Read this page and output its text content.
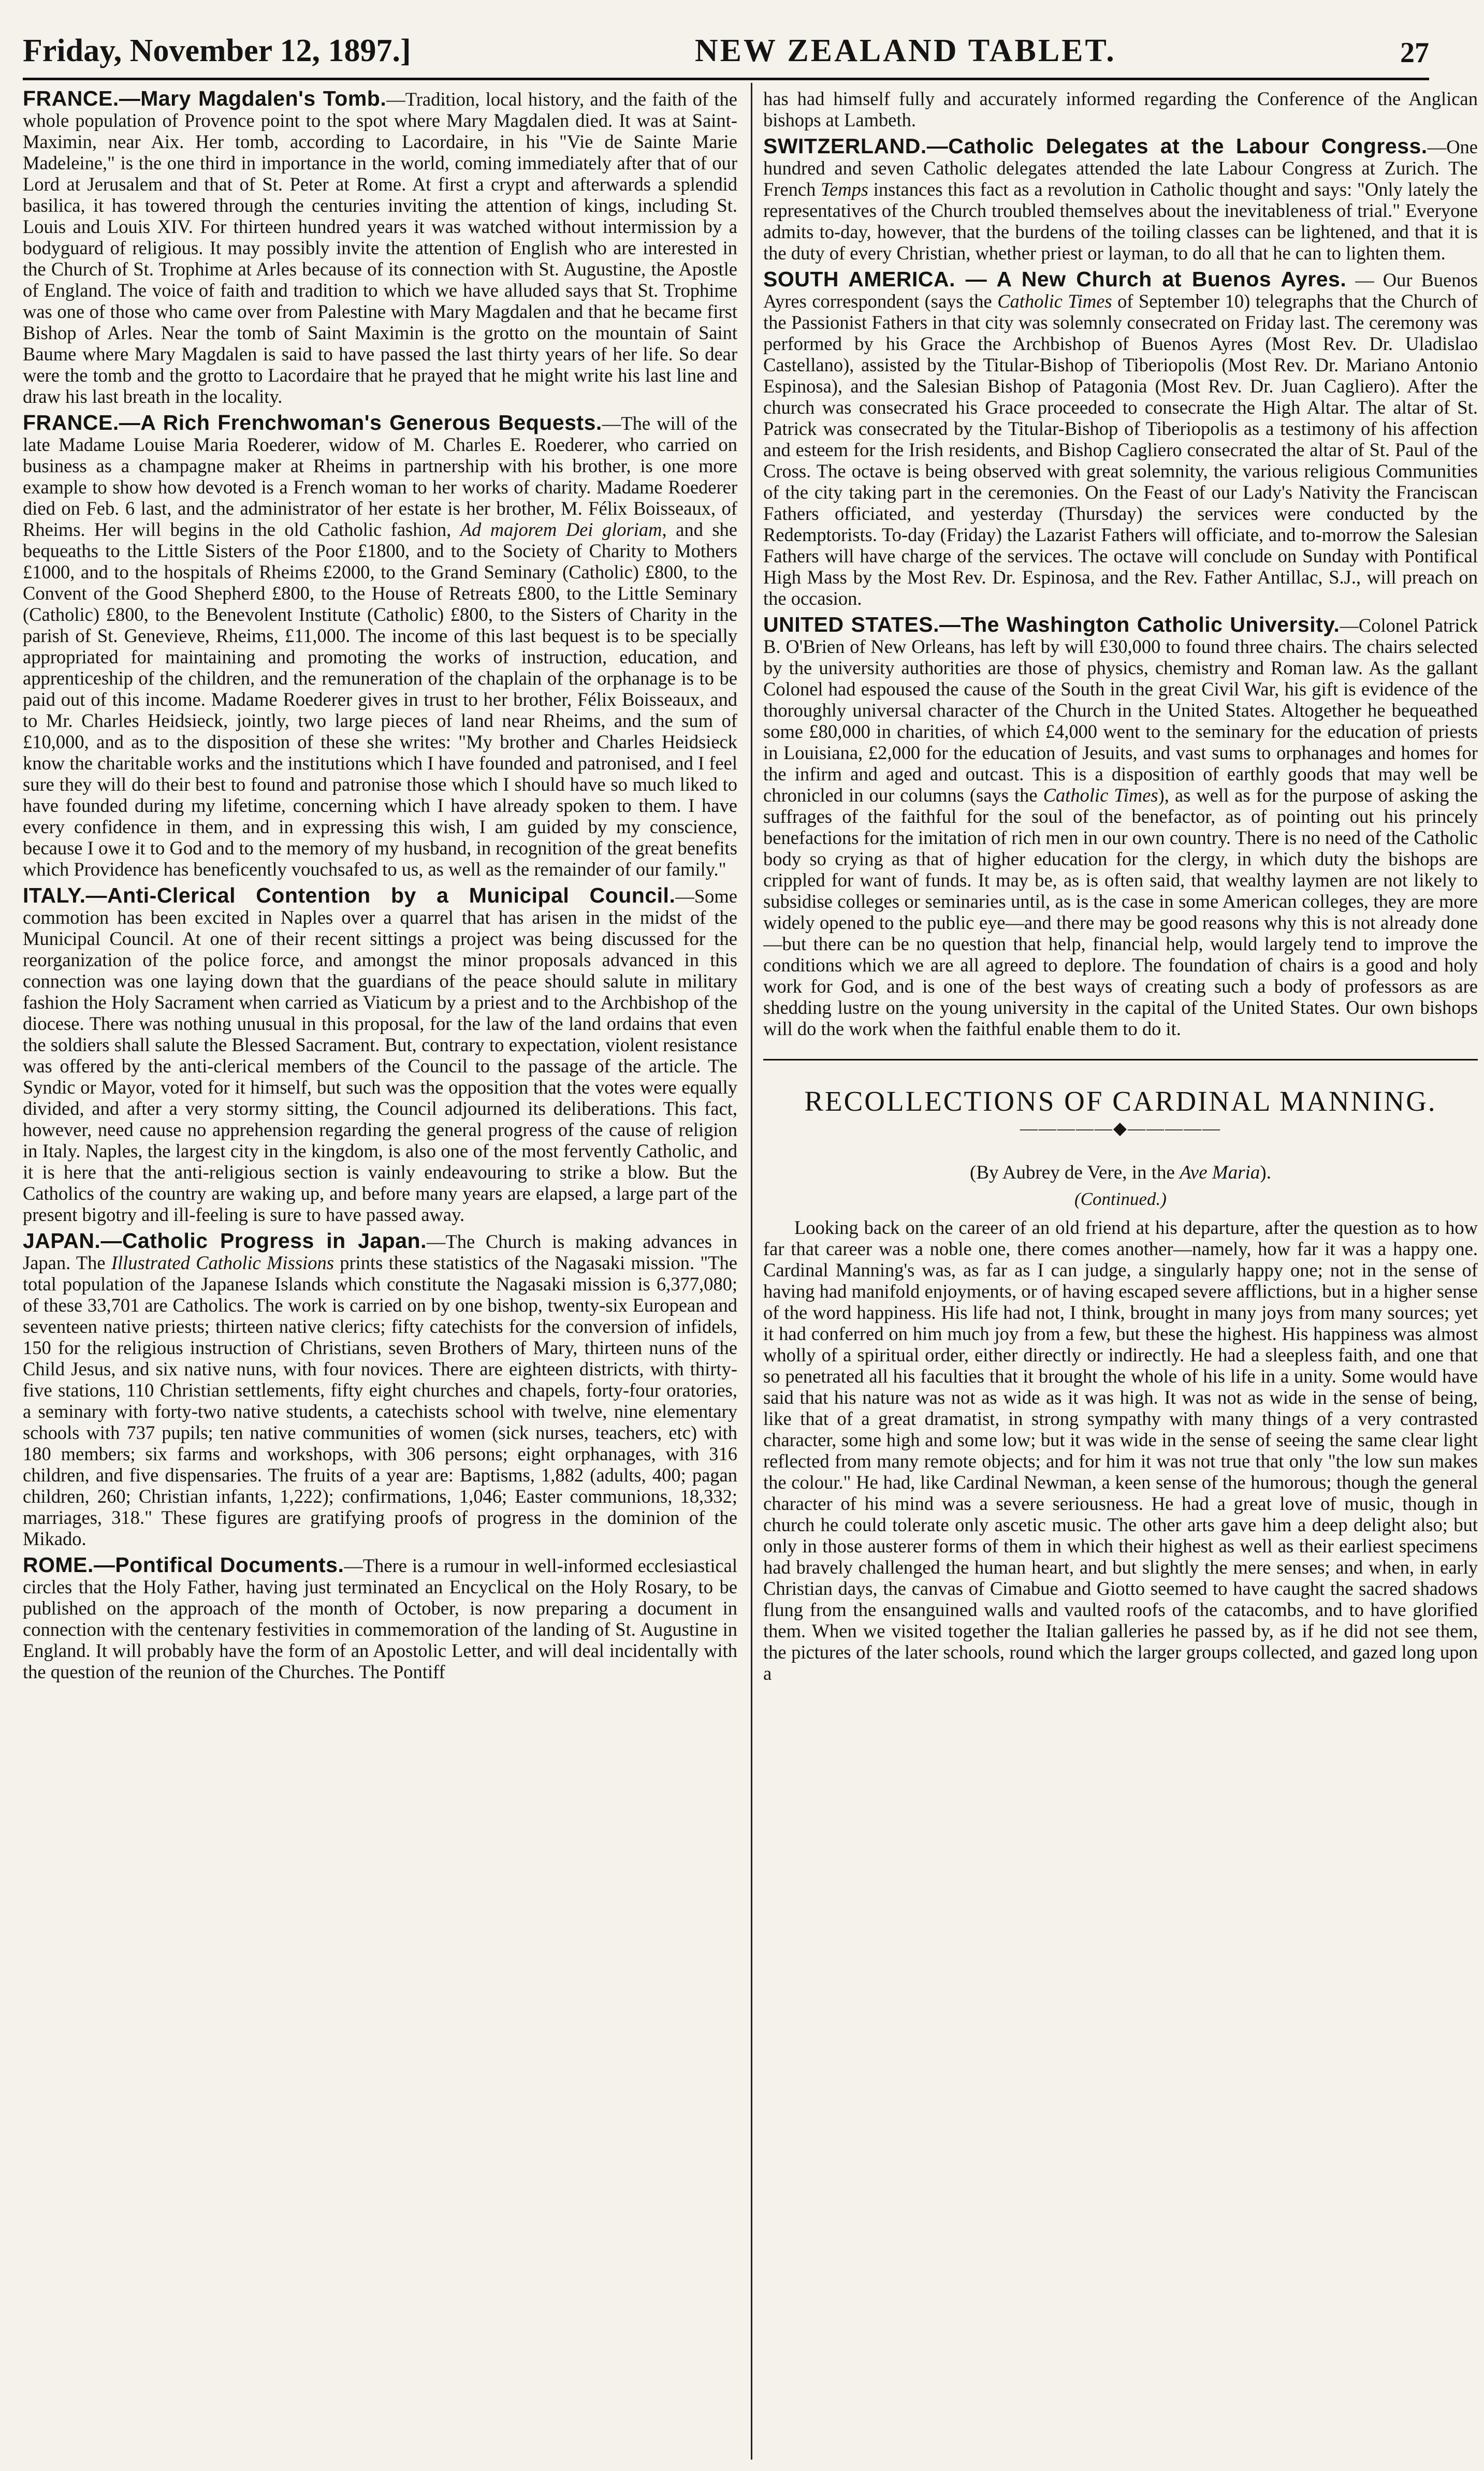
Friday, November 12, 1897.]	NEW ZEALAND TABLET.	27

FRANCE.—Mary Magdalen's Tomb.—Tradition, local history, and the faith of the whole population of Provence point to the spot where Mary Magdalen died. It was at Saint-Maximin, near Aix. Her tomb, according to Lacordaire, in his "Vie de Sainte Marie Madeleine," is the one third in importance in the world, coming immediately after that of our Lord at Jerusalem and that of St. Peter at Rome. At first a crypt and afterwards a splendid basilica, it has towered through the centuries inviting the attention of kings, including St. Louis and Louis XIV. For thirteen hundred years it was watched without intermission by a bodyguard of religious. It may possibly invite the attention of English who are interested in the Church of St. Trophime at Arles because of its connection with St. Augustine, the Apostle of England. The voice of faith and tradition to which we have alluded says that St. Trophime was one of those who came over from Palestine with Mary Magdalen and that he became first Bishop of Arles. Near the tomb of Saint Maximin is the grotto on the mountain of Saint Baume where Mary Magdalen is said to have passed the last thirty years of her life. So dear were the tomb and the grotto to Lacordaire that he prayed that he might write his last line and draw his last breath in the locality.

FRANCE.—A Rich Frenchwoman's Generous Bequests.—The will of the late Madame Louise Maria Roederer, widow of M. Charles E. Roederer, who carried on business as a champagne maker at Rheims in partnership with his brother, is one more example to show how devoted is a French woman to her works of charity. Madame Roederer died on Feb. 6 last, and the administrator of her estate is her brother, M. Félix Boisseaux, of Rheims. Her will begins in the old Catholic fashion, Ad majorem Dei gloriam, and she bequeaths to the Little Sisters of the Poor £1800, and to the Society of Charity to Mothers £1000, and to the hospitals of Rheims £2000, to the Grand Seminary (Catholic) £800, to the Convent of the Good Shepherd £800, to the House of Retreats £800, to the Little Seminary (Catholic) £800, to the Benevolent Institute (Catholic) £800, to the Sisters of Charity in the parish of St. Genevieve, Rheims, £11,000. The income of this last bequest is to be specially appropriated for maintaining and promoting the works of instruction, education, and apprenticeship of the children, and the remuneration of the chaplain of the orphanage is to be paid out of this income. Madame Roederer gives in trust to her brother, Félix Boisseaux, and to Mr. Charles Heidsieck, jointly, two large pieces of land near Rheims, and the sum of £10,000, and as to the disposition of these she writes: "My brother and Charles Heidsieck know the charitable works and the institutions which I have founded and patronised, and I feel sure they will do their best to found and patronise those which I should have so much liked to have founded during my lifetime, concerning which I have already spoken to them. I have every confidence in them, and in expressing this wish, I am guided by my conscience, because I owe it to God and to the memory of my husband, in recognition of the great benefits which Providence has beneficently vouchsafed to us, as well as the remainder of our family."

ITALY.—Anti-Clerical Contention by a Municipal Council.—Some commotion has been excited in Naples over a quarrel that has arisen in the midst of the Municipal Council. At one of their recent sittings a project was being discussed for the reorganization of the police force, and amongst the minor proposals advanced in this connection was one laying down that the guardians of the peace should salute in military fashion the Holy Sacrament when carried as Viaticum by a priest and to the Archbishop of the diocese. There was nothing unusual in this proposal, for the law of the land ordains that even the soldiers shall salute the Blessed Sacrament. But, contrary to expectation, violent resistance was offered by the anti-clerical members of the Council to the passage of the article. The Syndic or Mayor, voted for it himself, but such was the opposition that the votes were equally divided, and after a very stormy sitting, the Council adjourned its deliberations. This fact, however, need cause no apprehension regarding the general progress of the cause of religion in Italy. Naples, the largest city in the kingdom, is also one of the most fervently Catholic, and it is here that the anti-religious section is vainly endeavouring to strike a blow. But the Catholics of the country are waking up, and before many years are elapsed, a large part of the present bigotry and ill-feeling is sure to have passed away.

JAPAN.—Catholic Progress in Japan.—The Church is making advances in Japan. The Illustrated Catholic Missions prints these statistics of the Nagasaki mission. "The total population of the Japanese Islands which constitute the Nagasaki mission is 6,377,080; of these 33,701 are Catholics. The work is carried on by one bishop, twenty-six European and seventeen native priests; thirteen native clerics; fifty catechists for the conversion of infidels, 150 for the religious instruction of Christians, seven Brothers of Mary, thirteen nuns of the Child Jesus, and six native nuns, with four novices. There are eighteen districts, with thirty-five stations, 110 Christian settlements, fifty eight churches and chapels, forty-four oratories, a seminary with forty-two native students, a catechists school with twelve, nine elementary schools with 737 pupils; ten native communities of women (sick nurses, teachers, etc) with 180 members; six farms and workshops, with 306 persons; eight orphanages, with 316 children, and five dispensaries. The fruits of a year are: Baptisms, 1,882 (adults, 400; pagan children, 260; Christian infants, 1,222); confirmations, 1,046; Easter communions, 18,332; marriages, 318." These figures are gratifying proofs of progress in the dominion of the Mikado.

ROME.—Pontifical Documents.—There is a rumour in well-informed ecclesiastical circles that the Holy Father, having just terminated an Encyclical on the Holy Rosary, to be published on the approach of the month of October, is now preparing a document in connection with the centenary festivities in commemoration of the landing of St. Augustine in England. It will probably have the form of an Apostolic Letter, and will deal incidentally with the question of the reunion of the Churches. The Pontiff

has had himself fully and accurately informed regarding the Conference of the Anglican bishops at Lambeth.

SWITZERLAND.—Catholic Delegates at the Labour Congress.—One hundred and seven Catholic delegates attended the late Labour Congress at Zurich. The French Temps instances this fact as a revolution in Catholic thought and says: "Only lately the representatives of the Church troubled themselves about the inevitableness of trial." Everyone admits to-day, however, that the burdens of the toiling classes can be lightened, and that it is the duty of every Christian, whether priest or layman, to do all that he can to lighten them.

SOUTH AMERICA. — A New Church at Buenos Ayres. — Our Buenos Ayres correspondent (says the Catholic Times of September 10) telegraphs that the Church of the Passionist Fathers in that city was solemnly consecrated on Friday last. The ceremony was performed by his Grace the Archbishop of Buenos Ayres (Most Rev. Dr. Uladislao Castellano), assisted by the Titular-Bishop of Tiberiopolis (Most Rev. Dr. Mariano Antonio Espinosa), and the Salesian Bishop of Patagonia (Most Rev. Dr. Juan Cagliero). After the church was consecrated his Grace proceeded to consecrate the High Altar. The altar of St. Patrick was consecrated by the Titular-Bishop of Tiberiopolis as a testimony of his affection and esteem for the Irish residents, and Bishop Cagliero consecrated the altar of St. Paul of the Cross. The octave is being observed with great solemnity, the various religious Communities of the city taking part in the ceremonies. On the Feast of our Lady's Nativity the Franciscan Fathers officiated, and yesterday (Thursday) the services were conducted by the Redemptorists. To-day (Friday) the Lazarist Fathers will officiate, and to-morrow the Salesian Fathers will have charge of the services. The octave will conclude on Sunday with Pontifical High Mass by the Most Rev. Dr. Espinosa, and the Rev. Father Antillac, S.J., will preach on the occasion.

UNITED STATES.—The Washington Catholic University.—Colonel Patrick B. O'Brien of New Orleans, has left by will £30,000 to found three chairs. The chairs selected by the university authorities are those of physics, chemistry and Roman law. As the gallant Colonel had espoused the cause of the South in the great Civil War, his gift is evidence of the thoroughly universal character of the Church in the United States. Altogether he bequeathed some £80,000 in charities, of which £4,000 went to the seminary for the education of priests in Louisiana, £2,000 for the education of Jesuits, and vast sums to orphanages and homes for the infirm and aged and outcast. This is a disposition of earthly goods that may well be chronicled in our columns (says the Catholic Times), as well as for the purpose of asking the suffrages of the faithful for the soul of the benefactor, as of pointing out his princely benefactions for the imitation of rich men in our own country. There is no need of the Catholic body so crying as that of higher education for the clergy, in which duty the bishops are crippled for want of funds. It may be, as is often said, that wealthy laymen are not likely to subsidise colleges or seminaries until, as is the case in some American colleges, they are more widely opened to the public eye—and there may be good reasons why this is not already done—but there can be no question that help, financial help, would largely tend to improve the conditions which we are all agreed to deplore. The foundation of chairs is a good and holy work for God, and is one of the best ways of creating such a body of professors as are shedding lustre on the young university in the capital of the United States. Our own bishops will do the work when the faithful enable them to do it.

RECOLLECTIONS OF CARDINAL MANNING.
—————◆—————
(By Aubrey de Vere, in the Ave Maria).
(Continued.)

Looking back on the career of an old friend at his departure, after the question as to how far that career was a noble one, there comes another—namely, how far it was a happy one. Cardinal Manning's was, as far as I can judge, a singularly happy one; not in the sense of having had manifold enjoyments, or of having escaped severe afflictions, but in a higher sense of the word happiness. His life had not, I think, brought in many joys from many sources; yet it had conferred on him much joy from a few, but these the highest. His happiness was almost wholly of a spiritual order, either directly or indirectly. He had a sleepless faith, and one that so penetrated all his faculties that it brought the whole of his life in a unity. Some would have said that his nature was not as wide as it was high. It was not as wide in the sense of being, like that of a great dramatist, in strong sympathy with many things of a very contrasted character, some high and some low; but it was wide in the sense of seeing the same clear light reflected from many remote objects; and for him it was not true that only "the low sun makes the colour." He had, like Cardinal Newman, a keen sense of the humorous; though the general character of his mind was a severe seriousness. He had a great love of music, though in church he could tolerate only ascetic music. The other arts gave him a deep delight also; but only in those austerer forms of them in which their highest as well as their earliest specimens had bravely challenged the human heart, and but slightly the mere senses; and when, in early Christian days, the canvas of Cimabue and Giotto seemed to have caught the sacred shadows flung from the ensanguined walls and vaulted roofs of the catacombs, and to have glorified them. When we visited together the Italian galleries he passed by, as if he did not see them, the pictures of the later schools, round which the larger groups collected, and gazed long upon a
